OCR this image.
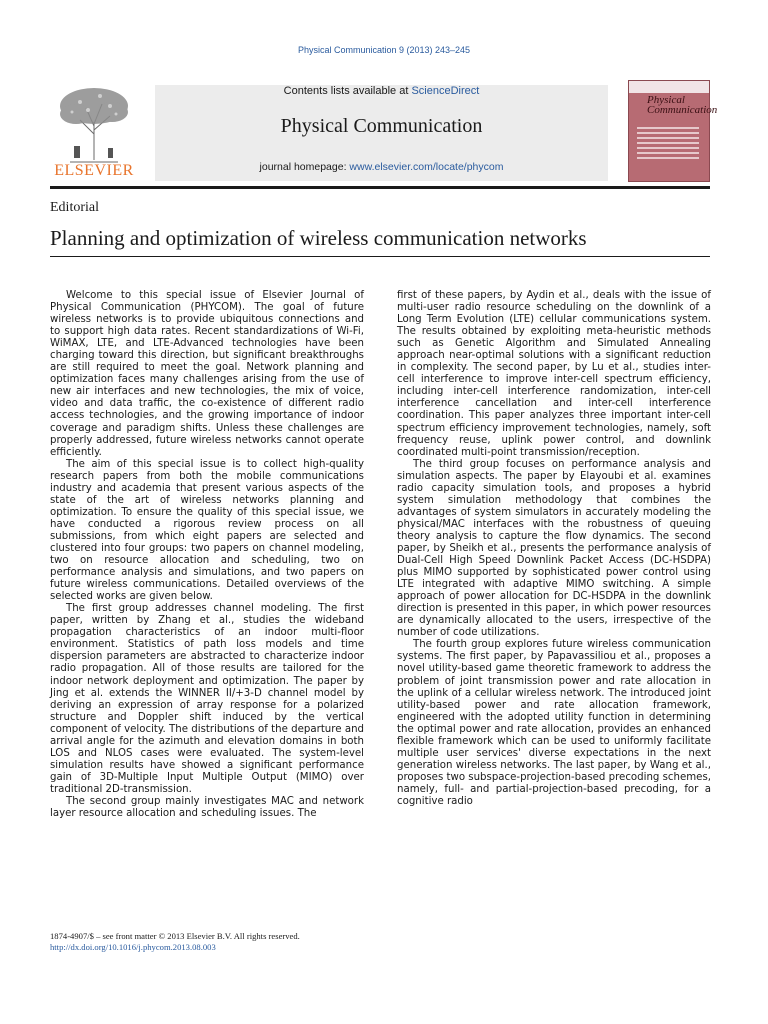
Physical Communication 9 (2013) 243–245
ELSEVIER
Contents lists available at ScienceDirect
Physical Communication
journal homepage: www.elsevier.com/locate/phycom
Physical
Communication
Editorial
Planning and optimization of wireless communication networks

Welcome to this special issue of Elsevier Journal of Physical Communication (PHYCOM). The goal of future wireless networks is to provide ubiquitous connections and to support high data rates. Recent standardizations of Wi-Fi, WiMAX, LTE, and LTE-Advanced technologies have been charging toward this direction, but significant breakthroughs are still required to meet the goal. Network planning and optimization faces many challenges arising from the use of new air interfaces and new technologies, the mix of voice, video and data traffic, the co-existence of different radio access technologies, and the growing importance of indoor coverage and paradigm shifts. Unless these challenges are properly addressed, future wireless networks cannot operate efficiently.

The aim of this special issue is to collect high-quality research papers from both the mobile communications industry and academia that present various aspects of the state of the art of wireless networks planning and optimization. To ensure the quality of this special issue, we have conducted a rigorous review process on all submissions, from which eight papers are selected and clustered into four groups: two papers on channel modeling, two on resource allocation and scheduling, two on performance analysis and simulations, and two papers on future wireless communications. Detailed overviews of the selected works are given below.

The first group addresses channel modeling. The first paper, written by Zhang et al., studies the wideband propagation characteristics of an indoor multi-floor environment. Statistics of path loss models and time dispersion parameters are abstracted to characterize indoor radio propagation. All of those results are tailored for the indoor network deployment and optimization. The paper by Jing et al. extends the WINNER II/+3-D channel model by deriving an expression of array response for a polarized structure and Doppler shift induced by the vertical component of velocity. The distributions of the departure and arrival angle for the azimuth and elevation domains in both LOS and NLOS cases were evaluated. The system-level simulation results have showed a significant performance gain of 3D-Multiple Input Multiple Output (MIMO) over traditional 2D-transmission.

The second group mainly investigates MAC and network layer resource allocation and scheduling issues. The

first of these papers, by Aydin et al., deals with the issue of multi-user radio resource scheduling on the downlink of a Long Term Evolution (LTE) cellular communications system. The results obtained by exploiting meta-heuristic methods such as Genetic Algorithm and Simulated Annealing approach near-optimal solutions with a significant reduction in complexity. The second paper, by Lu et al., studies inter-cell interference to improve inter-cell spectrum efficiency, including inter-cell interference randomization, inter-cell interference cancellation and inter-cell interference coordination. This paper analyzes three important inter-cell spectrum efficiency improvement technologies, namely, soft frequency reuse, uplink power control, and downlink coordinated multi-point transmission/reception.

The third group focuses on performance analysis and simulation aspects. The paper by Elayoubi et al. examines radio capacity simulation tools, and proposes a hybrid system simulation methodology that combines the advantages of system simulators in accurately modeling the physical/MAC interfaces with the robustness of queuing theory analysis to capture the flow dynamics. The second paper, by Sheikh et al., presents the performance analysis of Dual-Cell High Speed Downlink Packet Access (DC-HSDPA) plus MIMO supported by sophisticated power control using LTE integrated with adaptive MIMO switching. A simple approach of power allocation for DC-HSDPA in the downlink direction is presented in this paper, in which power resources are dynamically allocated to the users, irrespective of the number of code utilizations.

The fourth group explores future wireless communication systems. The first paper, by Papavassiliou et al., proposes a novel utility-based game theoretic framework to address the problem of joint transmission power and rate allocation in the uplink of a cellular wireless network. The introduced joint utility-based power and rate allocation framework, engineered with the adopted utility function in determining the optimal power and rate allocation, provides an enhanced flexible framework which can be used to uniformly facilitate multiple user services' diverse expectations in the next generation wireless networks. The last paper, by Wang et al., proposes two subspace-projection-based precoding schemes, namely, full- and partial-projection-based precoding, for a cognitive radio

1874-4907/$ – see front matter © 2013 Elsevier B.V. All rights reserved.
http://dx.doi.org/10.1016/j.phycom.2013.08.003
